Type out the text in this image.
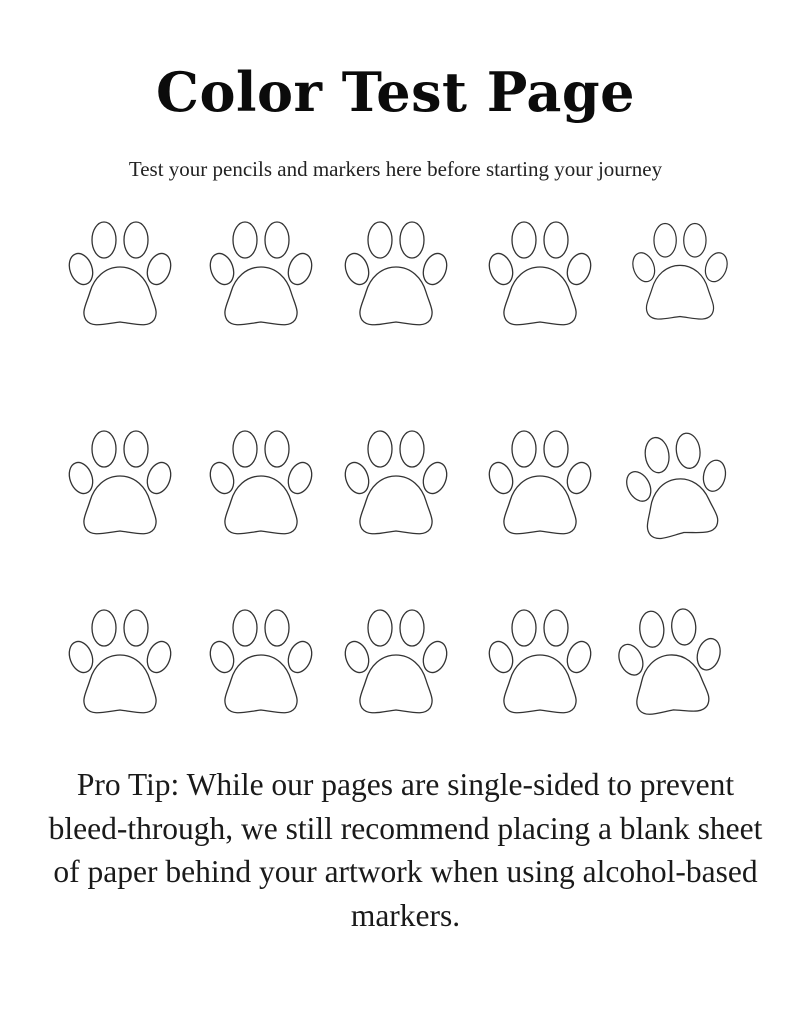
Color Test Page
Test your pencils and markers here before starting your journey
Pro Tip: While our pages are single-sided to prevent bleed-through, we still recommend placing a blank sheet of paper behind your artwork when using alcohol-based markers.
